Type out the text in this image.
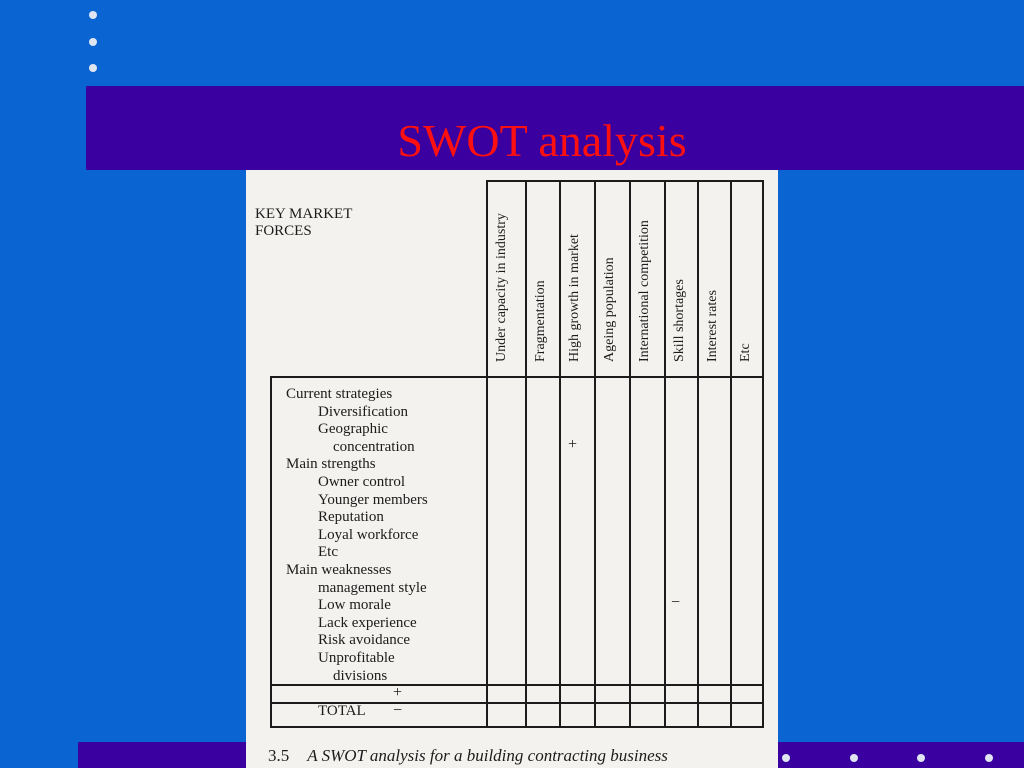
SWOT analysis
KEY MARKET
FORCES	Under capacity in industry Fragmentation High growth in market Ageing population International competition Skill shortages Interest rates Etc
Current strategies
Diversification
Geographic
concentration
Main strengths
Owner control
Younger members
Reputation
Loyal workforce
Etc
Main weaknesses
management style
Low morale
Lack experience
Risk avoidance
Unprofitable
divisions
+
−
+
TOTAL −
3.5 A SWOT analysis for a building contracting business
